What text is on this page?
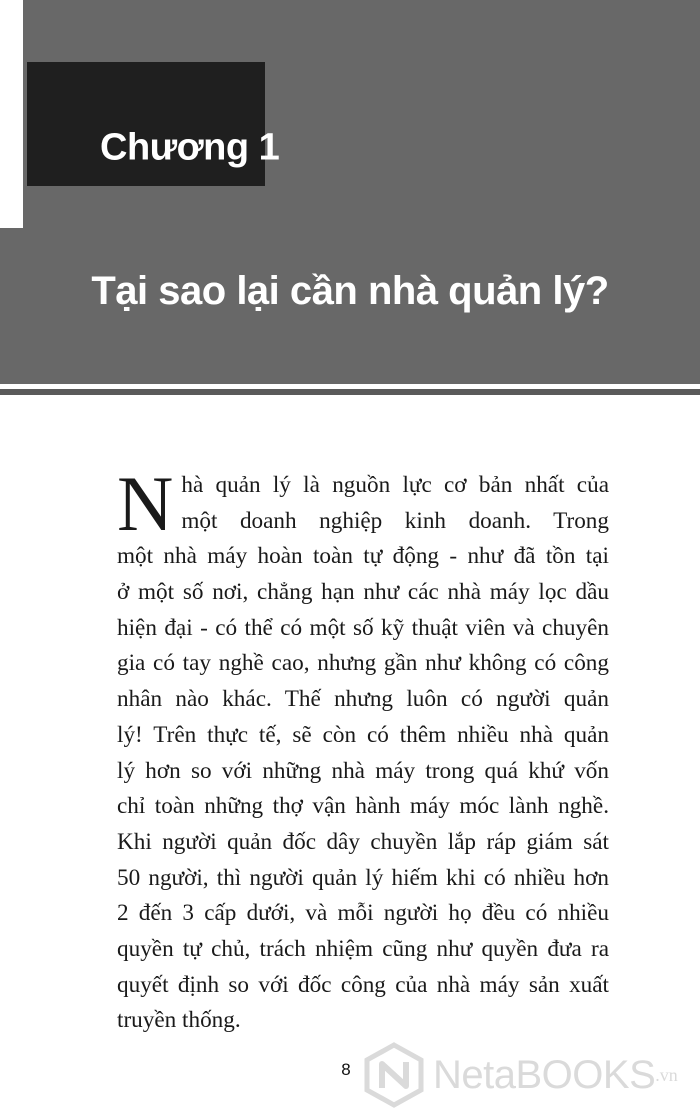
Chương 1
Tại sao lại cần nhà quản lý?
N hà quản lý là nguồn lực cơ bản nhất của
một doanh nghiệp kinh doanh. Trong
một nhà máy hoàn toàn tự động - như đã tồn tại
ở một số nơi, chẳng hạn như các nhà máy lọc dầu
hiện đại - có thể có một số kỹ thuật viên và chuyên
gia có tay nghề cao, nhưng gần như không có công
nhân nào khác. Thế nhưng luôn có người quản
lý! Trên thực tế, sẽ còn có thêm nhiều nhà quản
lý hơn so với những nhà máy trong quá khứ vốn
chỉ toàn những thợ vận hành máy móc lành nghề.
Khi người quản đốc dây chuyền lắp ráp giám sát
50 người, thì người quản lý hiếm khi có nhiều hơn
2 đến 3 cấp dưới, và mỗi người họ đều có nhiều
quyền tự chủ, trách nhiệm cũng như quyền đưa ra
quyết định so với đốc công của nhà máy sản xuất
truyền thống.
8 NetaBOOKS .vn
